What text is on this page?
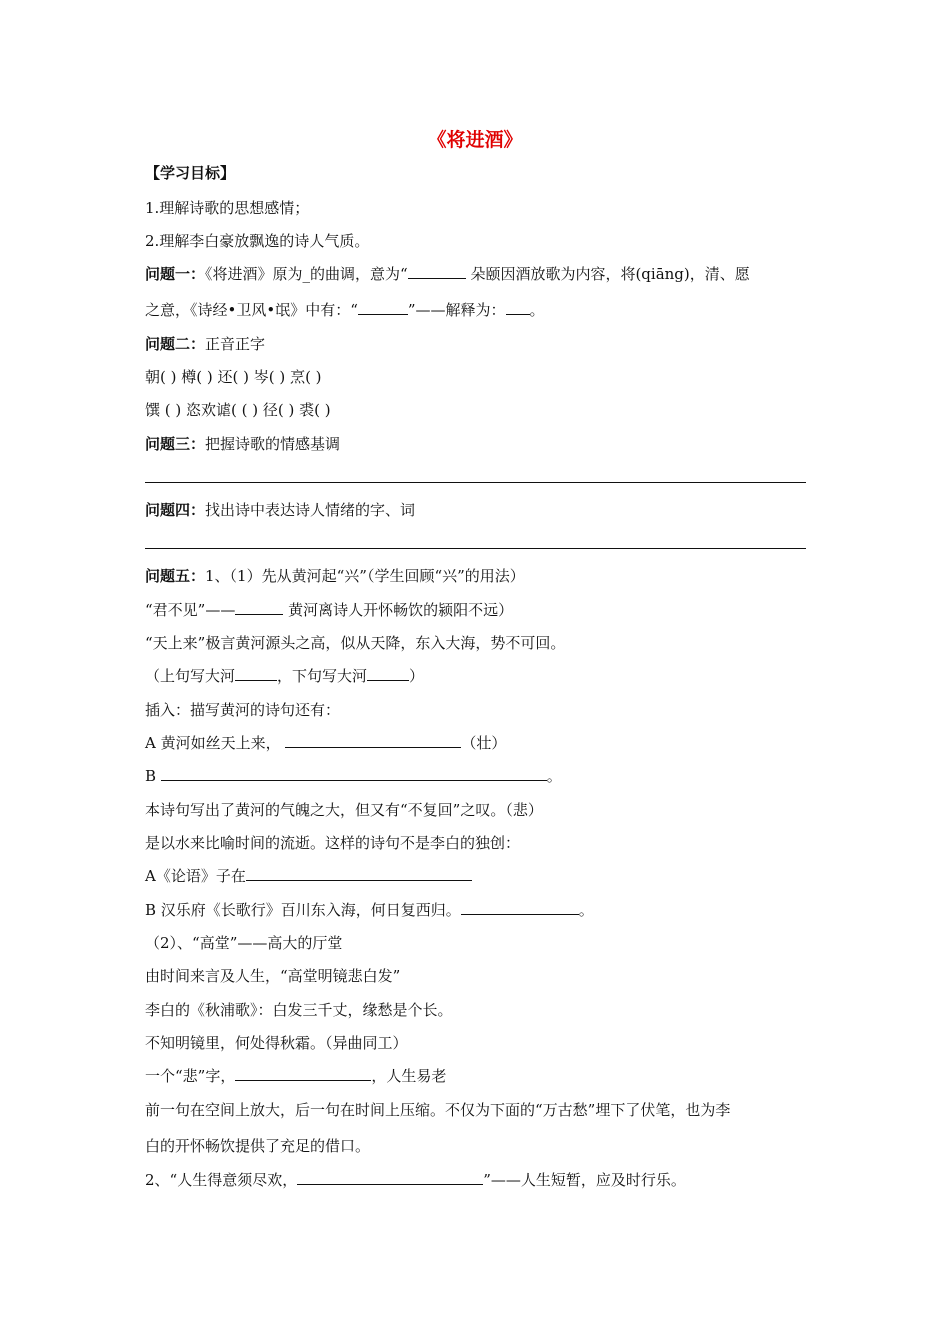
《将进酒》
【学习目标】
1.理解诗歌的思想感情；
2.理解李白豪放飘逸的诗人气质。
问题一：《将进酒》原为_的曲调，意为“	朵颐因酒放歌为内容，将(qiāng)，清、愿
之意，《诗经•卫风•氓》中有：“	”——解释为： 。
问题二：正音正字
朝( ) 樽( ) 还( ) 岑( ) 烹( )
馔 ( ) 恣欢谑( ( ) 径( ) 裘( )
问题三：把握诗歌的情感基调
问题四：找出诗中表达诗人情绪的字、词
问题五：1、（1）先从黄河起“兴”（学生回顾“兴”的用法）
“君不见”——	黄河离诗人开怀畅饮的颍阳不远）
“天上来”极言黄河源头之高，似从天降，东入大海，势不可回。
（上句写大河	，下句写大河	）
插入：描写黄河的诗句还有：
A 黄河如丝天上来，	（壮）
B	。
本诗句写出了黄河的气魄之大，但又有“不复回”之叹。（悲）
是以水来比喻时间的流逝。这样的诗句不是李白的独创：
A《论语》子在
B 汉乐府《长歌行》百川东入海，何日复西归。	。
（2）、“高堂”——高大的厅堂
由时间来言及人生，“高堂明镜悲白发”
李白的《秋浦歌》：白发三千丈，缘愁是个长。
不知明镜里，何处得秋霜。（异曲同工）
一个“悲”字，	，人生易老
前一句在空间上放大，后一句在时间上压缩。不仅为下面的“万古愁”埋下了伏笔，也为李
白的开怀畅饮提供了充足的借口。
2、“人生得意须尽欢，	”——人生短暂，应及时行乐。
